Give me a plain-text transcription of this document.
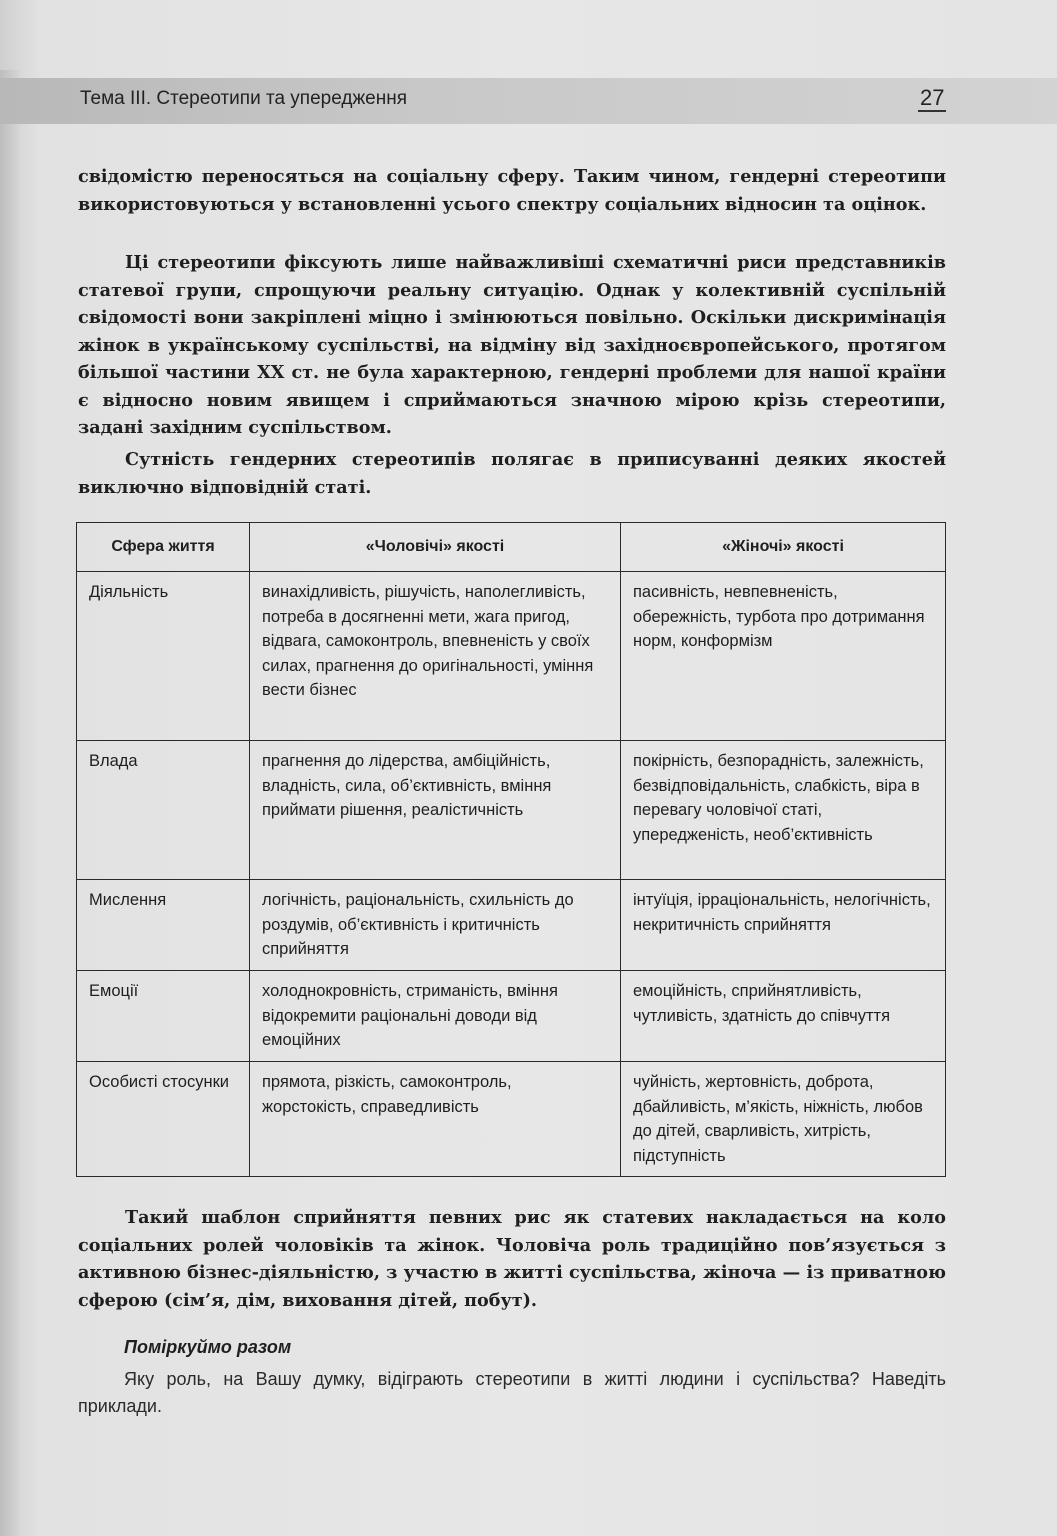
Тема ІІІ. Стереотипи та упередження	27

свідомістю переносяться на соціальну сферу. Таким чином, гендерні стереотипи використовуються у встановленні усього спектру соціальних відносин та оцінок.

Ці стереотипи фіксують лише найважливіші схематичні риси представників статевої групи, спрощуючи реальну ситуацію. Однак у колективній суспільній свідомості вони закріплені міцно і змінюються повільно. Оскільки дискримінація жінок в українському суспільстві, на відміну від західноєвропейського, протягом більшої частини XX ст. не була характерною, гендерні проблеми для нашої країни є відносно новим явищем і сприймаються значною мірою крізь стереотипи, задані західним суспільством.

Сутність гендерних стереотипів полягає в приписуванні деяких якостей виключно відповідній статі.

Сфера життя	«Чоловічі» якості	«Жіночі» якості
Діяльність	винахідливість, рішучість, наполегливість, потреба в досягненні мети, жага пригод, відвага, самоконтроль, впевненість у своїх силах, прагнення до оригінальності, уміння вести бізнес	пасивність, невпевненість, обережність, турбота про дотримання норм, конформізм
Влада	прагнення до лідерства, амбіційність, владність, сила, об’єктивність, вміння приймати рішення, реалістичність	покірність, безпорадність, залежність, безвідповідальність, слабкість, віра в перевагу чоловічої статі, упередженість, необ’єктивність
Мислення	логічність, раціональність, схильність до роздумів, об’єктивність і критичність сприйняття	інтуїція, ірраціональність, нелогічність, некритичність сприйняття
Емоції	холоднокровність, стриманість, вміння відокремити раціональні доводи від емоційних	емоційність, сприйнятливість, чутливість, здатність до співчуття
Особисті стосунки	прямота, різкість, самоконтроль, жорстокість, справедливість	чуйність, жертовність, доброта, дбайливість, м’якість, ніжність, любов до дітей, сварливість, хитрість, підступність

Такий шаблон сприйняття певних рис як статевих накладається на коло соціальних ролей чоловіків та жінок. Чоловіча роль традиційно пов’язується з активною бізнес-діяльністю, з участю в житті суспільства, жіноча — із приватною сферою (сім’я, дім, виховання дітей, побут).

Поміркуймо разом

Яку роль, на Вашу думку, відіграють стереотипи в житті людини і суспільства? Наведіть приклади.
